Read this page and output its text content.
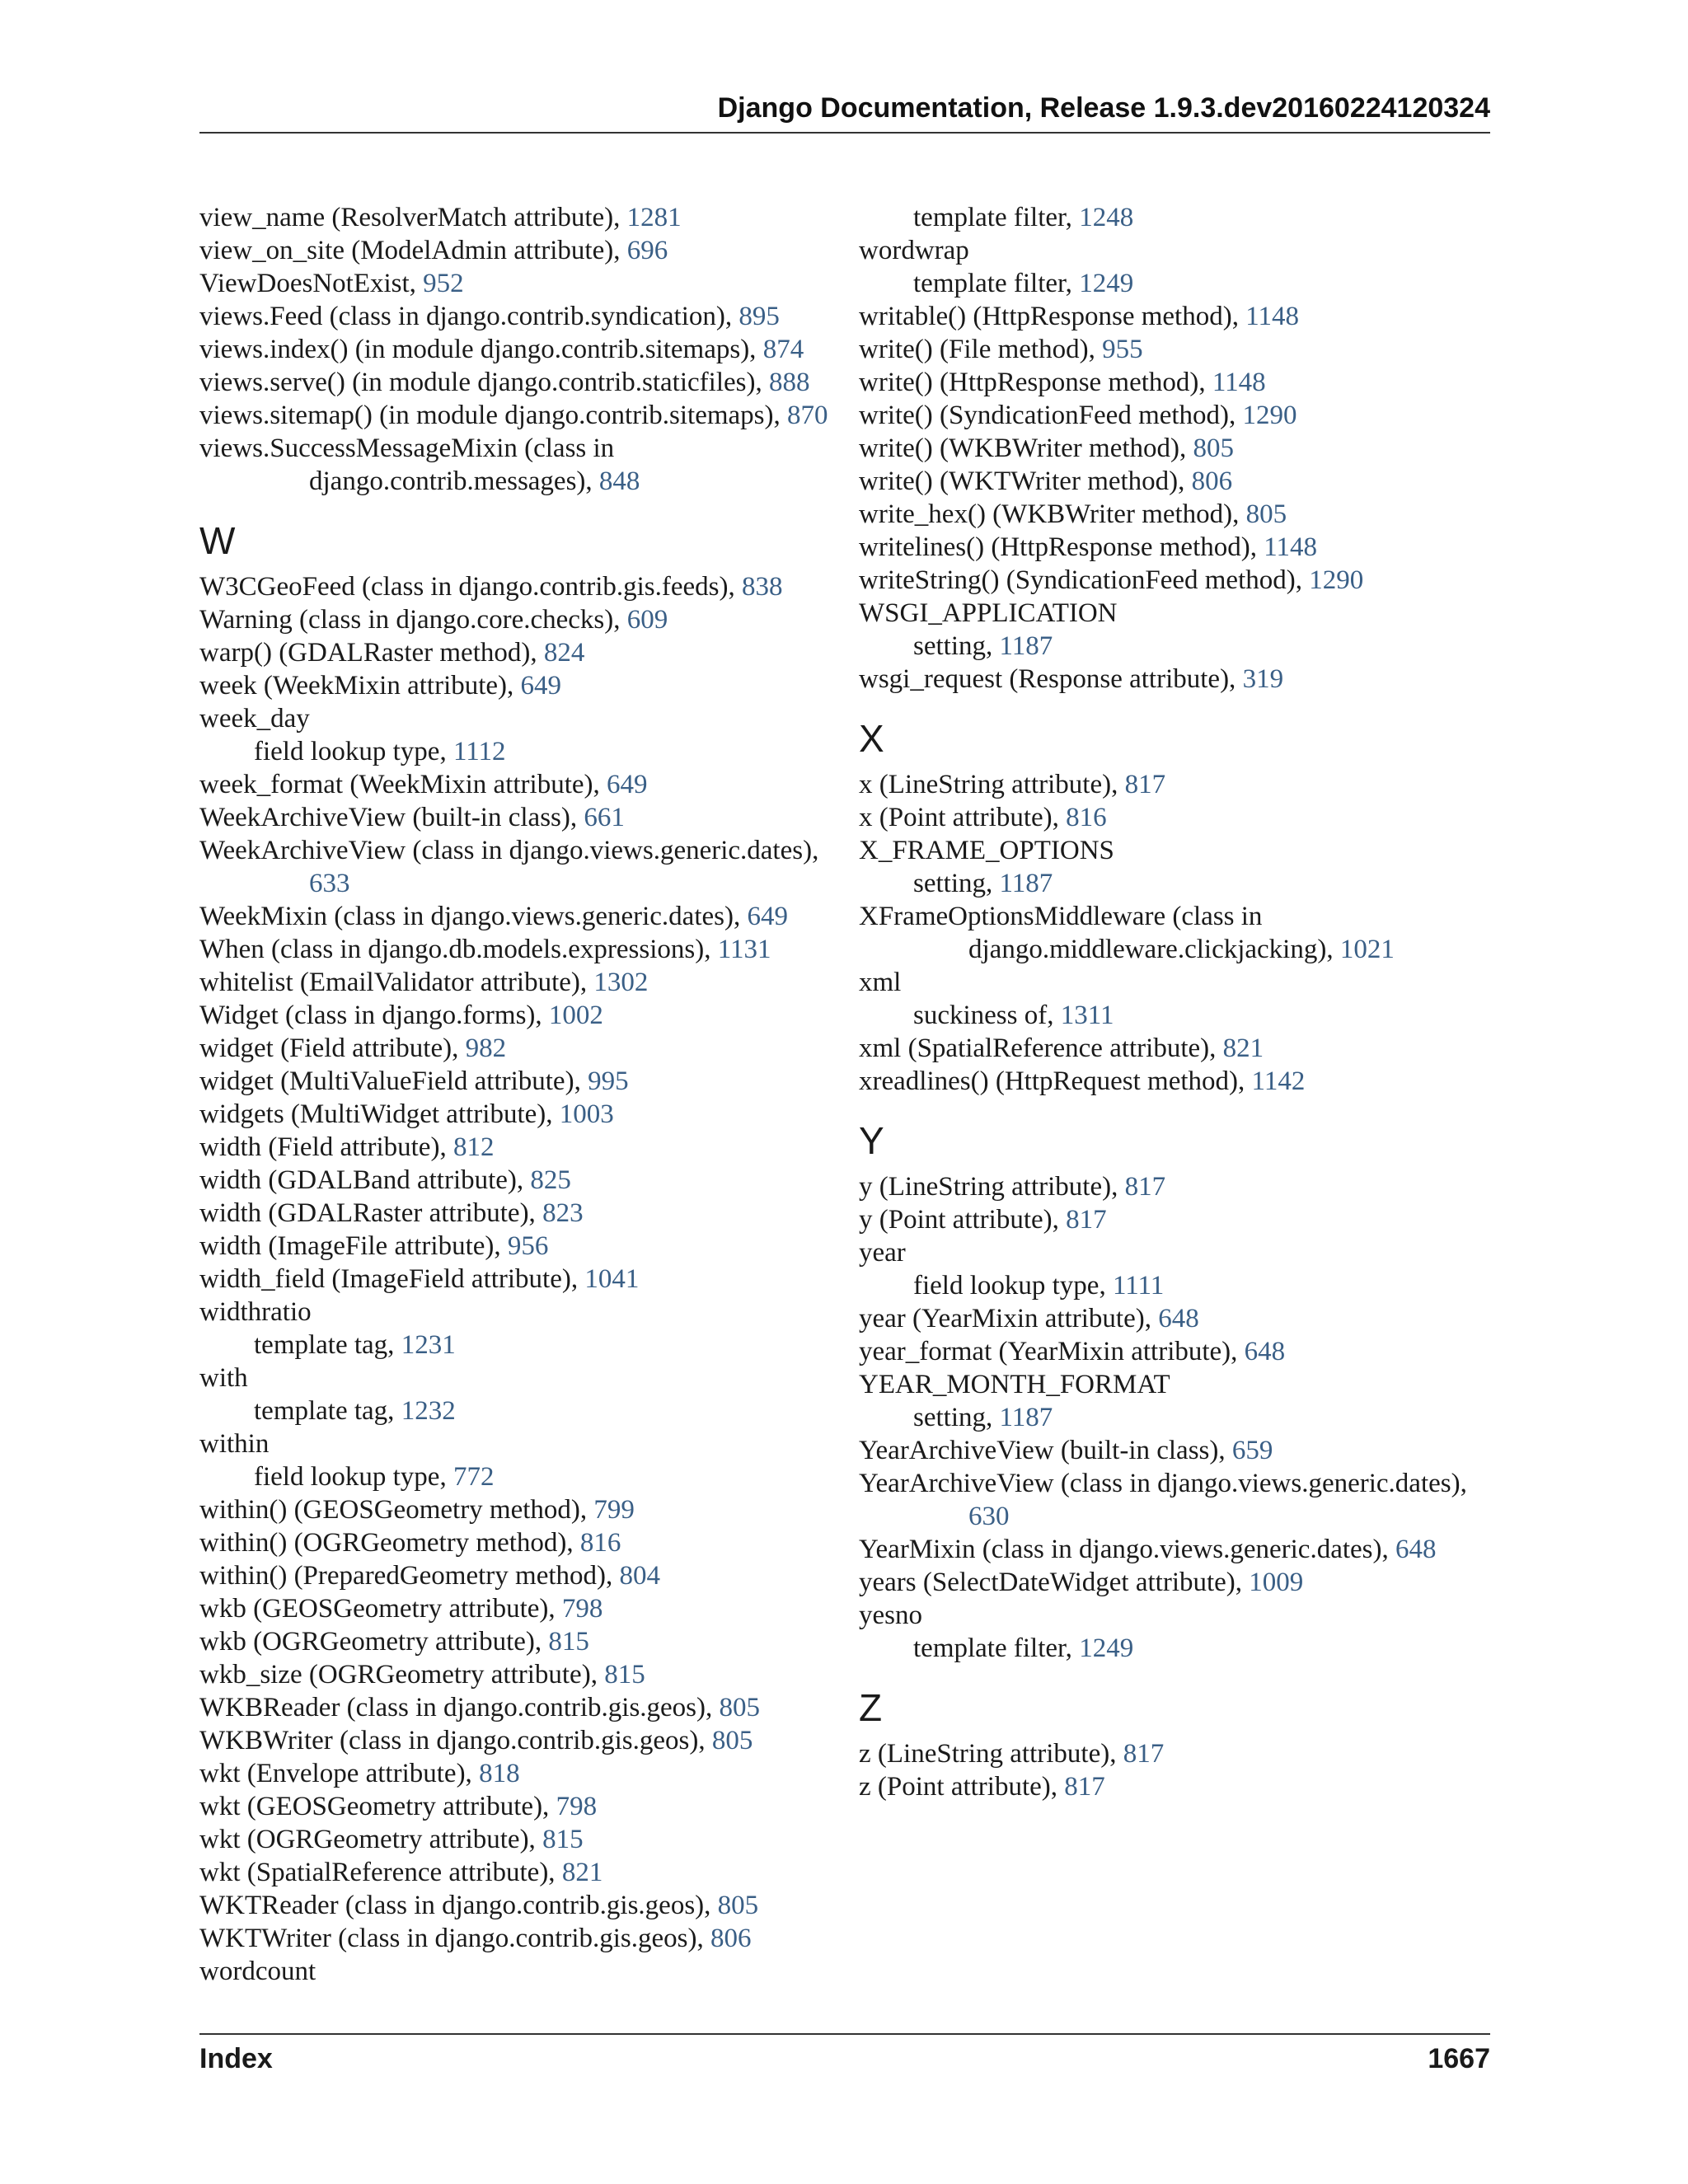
Django Documentation, Release 1.9.3.dev20160224120324

view_name (ResolverMatch attribute), 1281

view_on_site (ModelAdmin attribute), 696

ViewDoesNotExist, 952

views.Feed (class in django.contrib.syndication), 895

views.index() (in module django.contrib.sitemaps), 874

views.serve() (in module django.contrib.staticfiles), 888

views.sitemap() (in module django.contrib.sitemaps), 870

views.SuccessMessageMixin (class in django.contrib.messages), 848

W

W3CGeoFeed (class in django.contrib.gis.feeds), 838

Warning (class in django.core.checks), 609

warp() (GDALRaster method), 824

week (WeekMixin attribute), 649

week_day

field lookup type, 1112

week_format (WeekMixin attribute), 649

WeekArchiveView (built-in class), 661

WeekArchiveView (class in django.views.generic.dates), 633

WeekMixin (class in django.views.generic.dates), 649

When (class in django.db.models.expressions), 1131

whitelist (EmailValidator attribute), 1302

Widget (class in django.forms), 1002

widget (Field attribute), 982

widget (MultiValueField attribute), 995

widgets (MultiWidget attribute), 1003

width (Field attribute), 812

width (GDALBand attribute), 825

width (GDALRaster attribute), 823

width (ImageFile attribute), 956

width_field (ImageField attribute), 1041

widthratio

template tag, 1231

with

template tag, 1232

within

field lookup type, 772

within() (GEOSGeometry method), 799

within() (OGRGeometry method), 816

within() (PreparedGeometry method), 804

wkb (GEOSGeometry attribute), 798

wkb (OGRGeometry attribute), 815

wkb_size (OGRGeometry attribute), 815

WKBReader (class in django.contrib.gis.geos), 805

WKBWriter (class in django.contrib.gis.geos), 805

wkt (Envelope attribute), 818

wkt (GEOSGeometry attribute), 798

wkt (OGRGeometry attribute), 815

wkt (SpatialReference attribute), 821

WKTReader (class in django.contrib.gis.geos), 805

WKTWriter (class in django.contrib.gis.geos), 806

wordcount

template filter, 1248

wordwrap

template filter, 1249

writable() (HttpResponse method), 1148

write() (File method), 955

write() (HttpResponse method), 1148

write() (SyndicationFeed method), 1290

write() (WKBWriter method), 805

write() (WKTWriter method), 806

write_hex() (WKBWriter method), 805

writelines() (HttpResponse method), 1148

writeString() (SyndicationFeed method), 1290

WSGI_APPLICATION

setting, 1187

wsgi_request (Response attribute), 319

X

x (LineString attribute), 817

x (Point attribute), 816

X_FRAME_OPTIONS

setting, 1187

XFrameOptionsMiddleware (class in django.middleware.clickjacking), 1021

xml

suckiness of, 1311

xml (SpatialReference attribute), 821

xreadlines() (HttpRequest method), 1142

Y

y (LineString attribute), 817

y (Point attribute), 817

year

field lookup type, 1111

year (YearMixin attribute), 648

year_format (YearMixin attribute), 648

YEAR_MONTH_FORMAT

setting, 1187

YearArchiveView (built-in class), 659

YearArchiveView (class in django.views.generic.dates), 630

YearMixin (class in django.views.generic.dates), 648

years (SelectDateWidget attribute), 1009

yesno

template filter, 1249

Z

z (LineString attribute), 817

z (Point attribute), 817

Index	1667
